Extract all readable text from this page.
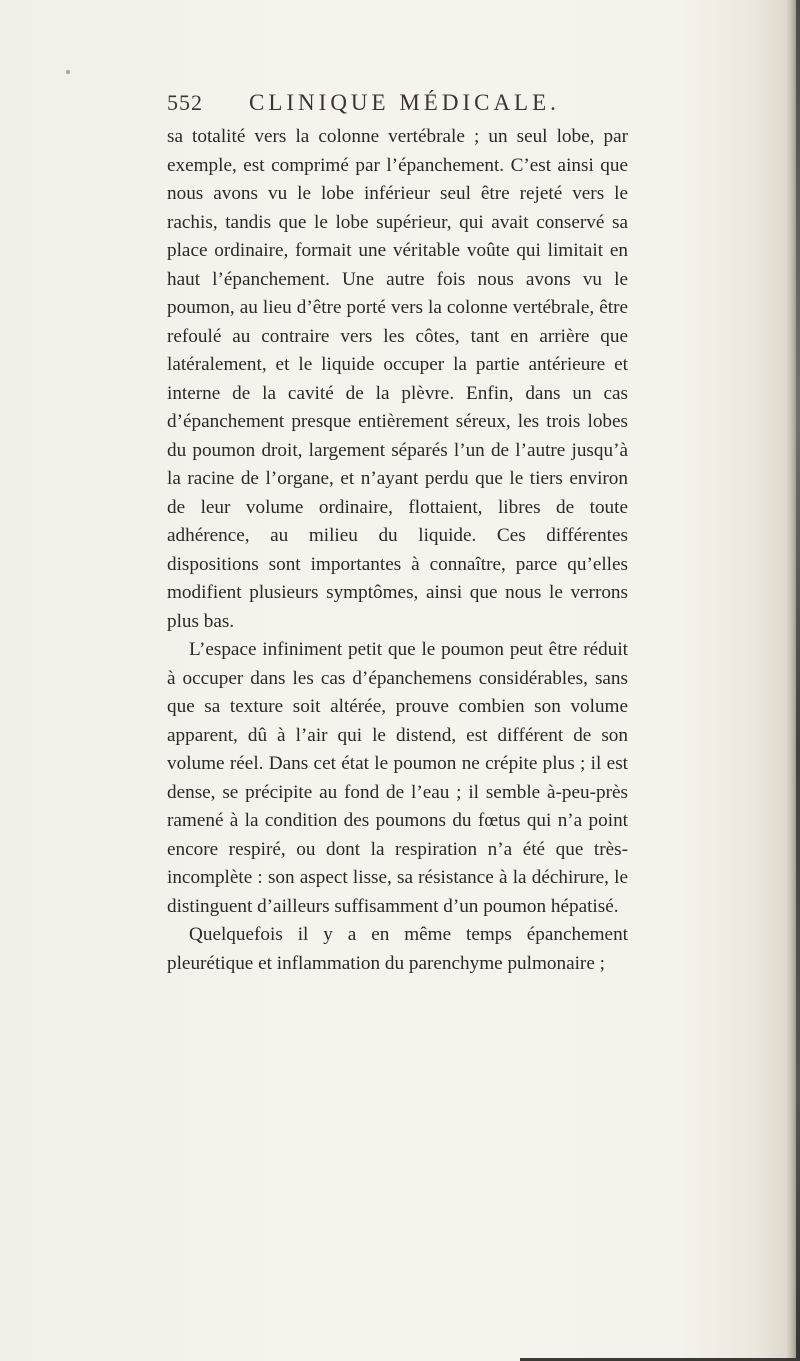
552 CLINIQUE MÉDICALE.

sa totalité vers la colonne vertébrale ; un seul lobe, par exemple, est comprimé par l’épanchement. C’est ainsi que nous avons vu le lobe inférieur seul être rejeté vers le rachis, tandis que le lobe supérieur, qui avait conservé sa place ordinaire, formait une véritable voûte qui limitait en haut l’épanchement. Une autre fois nous avons vu le poumon, au lieu d’être porté vers la colonne vertébrale, être refoulé au contraire vers les côtes, tant en arrière que latéralement, et le liquide occuper la partie antérieure et interne de la cavité de la plèvre. Enfin, dans un cas d’épanchement presque entièrement séreux, les trois lobes du poumon droit, largement séparés l’un de l’autre jusqu’à la racine de l’organe, et n’ayant perdu que le tiers environ de leur volume ordinaire, flottaient, libres de toute adhérence, au milieu du liquide. Ces différentes dispositions sont importantes à connaître, parce qu’elles modifient plusieurs symptômes, ainsi que nous le verrons plus bas.

L’espace infiniment petit que le poumon peut être réduit à occuper dans les cas d’épanchemens considérables, sans que sa texture soit altérée, prouve combien son volume apparent, dû à l’air qui le distend, est différent de son volume réel. Dans cet état le poumon ne crépite plus ; il est dense, se précipite au fond de l’eau ; il semble à-peu-près ramené à la condition des poumons du fœtus qui n’a point encore respiré, ou dont la respiration n’a été que très-incomplète : son aspect lisse, sa résistance à la déchirure, le distinguent d’ailleurs suffisamment d’un poumon hépatisé.

Quelquefois il y a en même temps épanchement pleurétique et inflammation du parenchyme pulmonaire ;
